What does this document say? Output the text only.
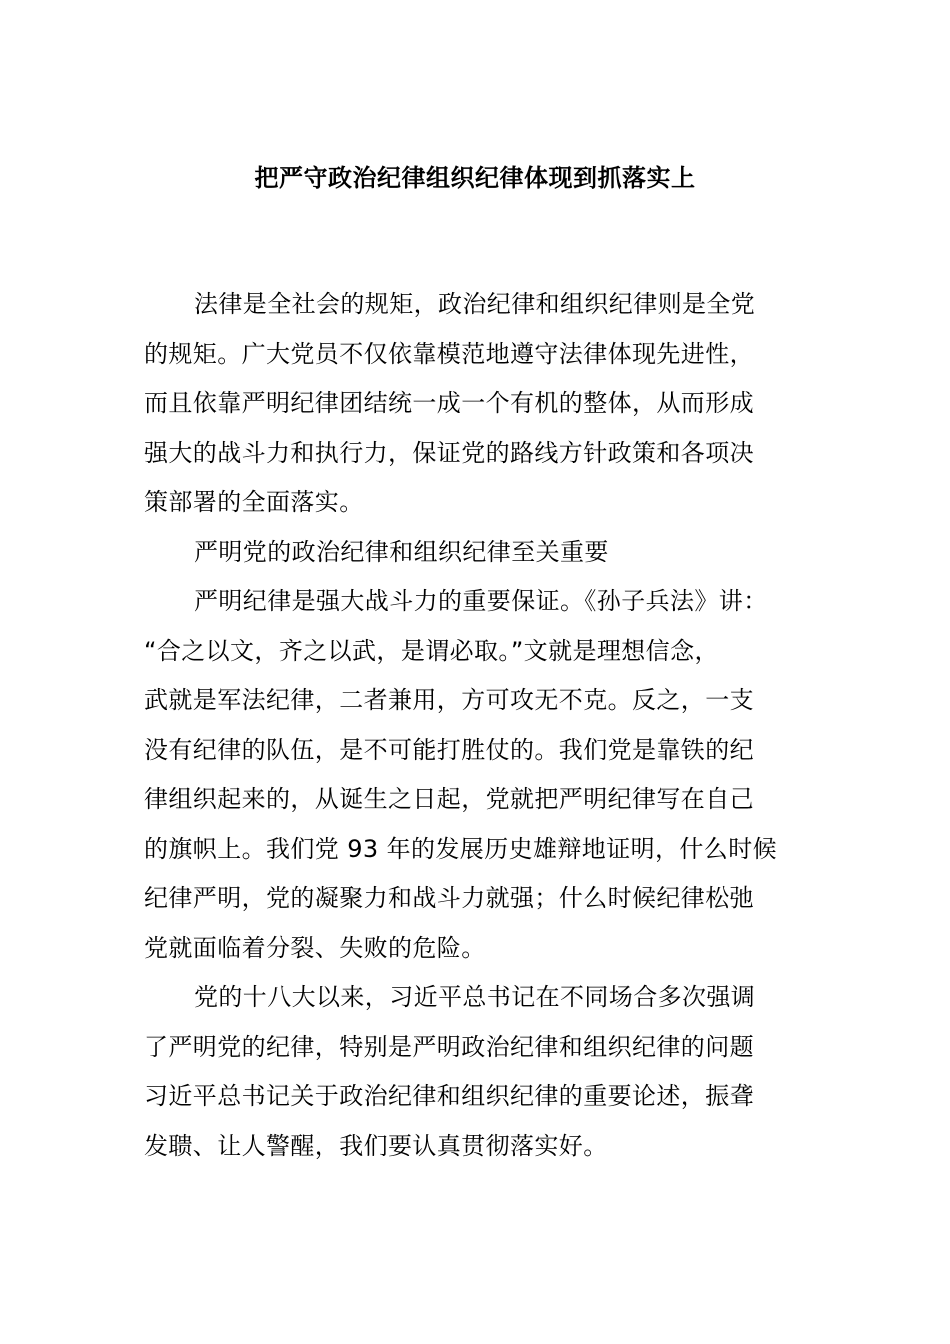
把严守政治纪律组织纪律体现到抓落实上
法律是全社会的规矩，政治纪律和组织纪律则是全党
的规矩。广大党员不仅依靠模范地遵守法律体现先进性，
而且依靠严明纪律团结统一成一个有机的整体，从而形成
强大的战斗力和执行力，保证党的路线方针政策和各项决
策部署的全面落实。
严明党的政治纪律和组织纪律至关重要
严明纪律是强大战斗力的重要保证。《孙子兵法》讲：
“合之以文，齐之以武，是谓必取。”文就是理想信念，
武就是军法纪律，二者兼用，方可攻无不克。反之，一支
没有纪律的队伍，是不可能打胜仗的。我们党是靠铁的纪
律组织起来的，从诞生之日起，党就把严明纪律写在自己
的旗帜上。我们党 93 年的发展历史雄辩地证明，什么时候
纪律严明，党的凝聚力和战斗力就强；什么时候纪律松弛
党就面临着分裂、失败的危险。
党的十八大以来，习近平总书记在不同场合多次强调
了严明党的纪律，特别是严明政治纪律和组织纪律的问题
习近平总书记关于政治纪律和组织纪律的重要论述，振聋
发聩、让人警醒，我们要认真贯彻落实好。
